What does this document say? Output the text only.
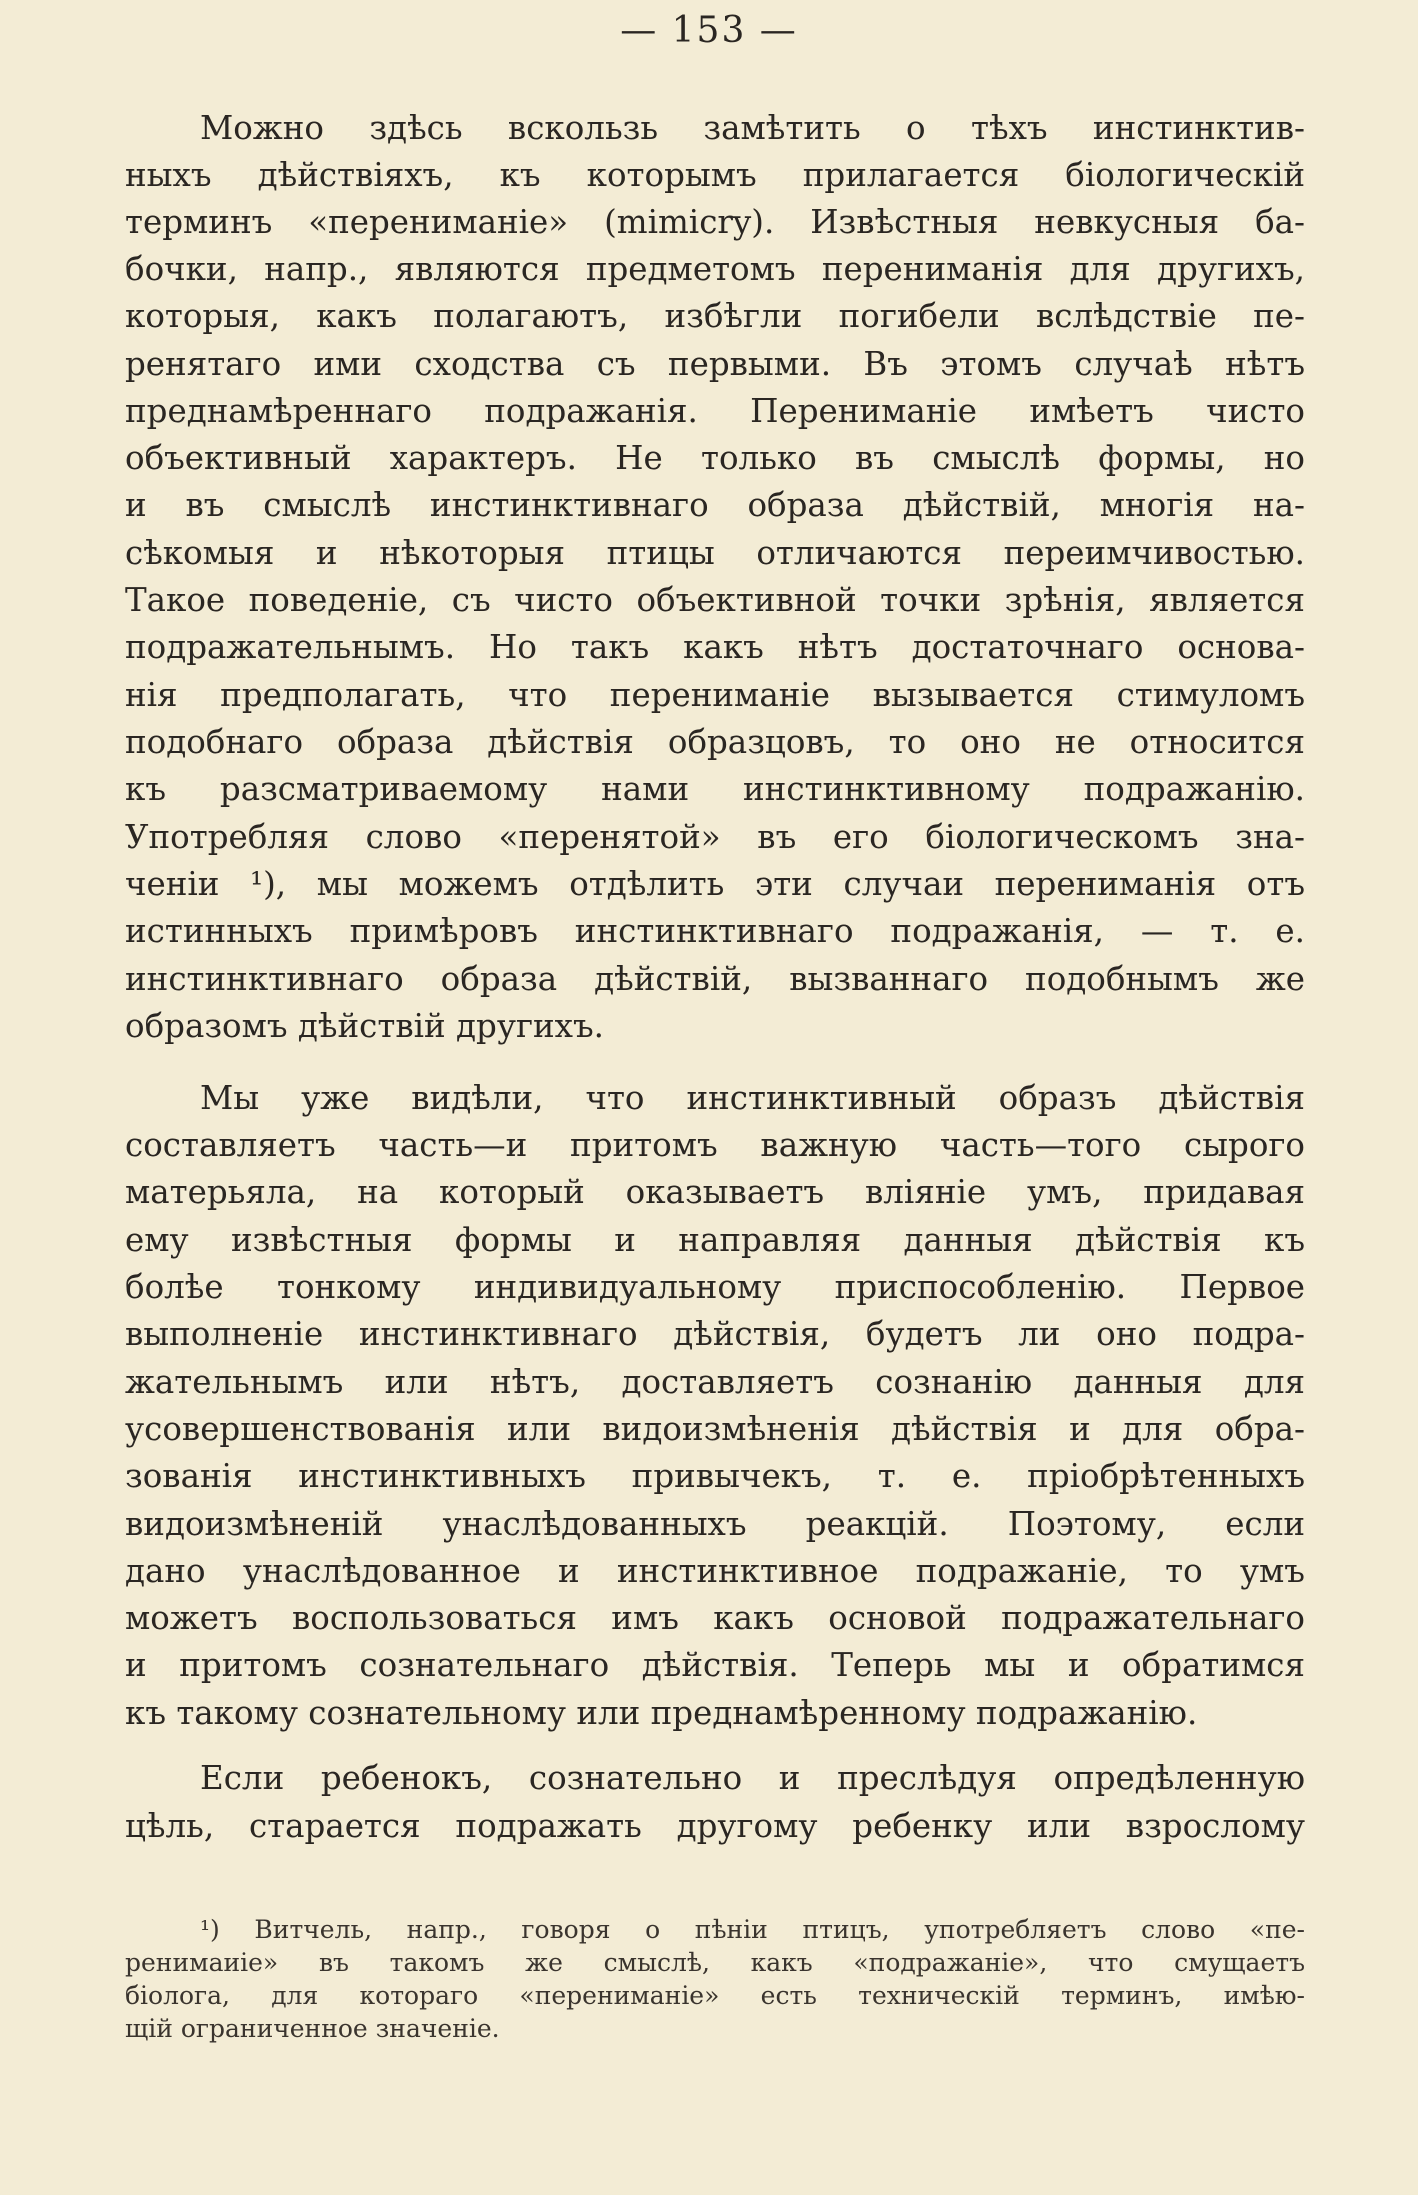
— 153 —
Можно здѣсь вскользь замѣтить о тѣхъ инстинктив-
ныхъ дѣйствіяхъ, къ которымъ прилагается біологическій
терминъ «перениманіе» (mimicry). Извѣстныя невкусныя ба-
бочки, напр., являются предметомъ перениманія для другихъ,
которыя, какъ полагаютъ, избѣгли погибели вслѣдствіе пе-
ренятаго ими сходства съ первыми. Въ этомъ случаѣ нѣтъ
преднамѣреннаго подражанія. Перениманіе имѣетъ чисто
объективный характеръ. Не только въ смыслѣ формы, но
и въ смыслѣ инстинктивнаго образа дѣйствій, многія на-
сѣкомыя и нѣкоторыя птицы отличаются переимчивостью.
Такое поведеніе, съ чисто объективной точки зрѣнія, является
подражательнымъ. Но такъ какъ нѣтъ достаточнаго основа-
нія предполагать, что перениманіе вызывается стимуломъ
подобнаго образа дѣйствія образцовъ, то оно не относится
къ разсматриваемому нами инстинктивному подражанію.
Употребляя слово «перенятой» въ его біологическомъ зна-
ченіи ¹), мы можемъ отдѣлить эти случаи перениманія отъ
истинныхъ примѣровъ инстинктивнаго подражанія, — т. е.
инстинктивнаго образа дѣйствій, вызваннаго подобнымъ же
образомъ дѣйствій другихъ.
Мы уже видѣли, что инстинктивный образъ дѣйствія
составляетъ часть—и притомъ важную часть—того сырого
матерьяла, на который оказываетъ вліяніе умъ, придавая
ему извѣстныя формы и направляя данныя дѣйствія къ
болѣе тонкому индивидуальному приспособленію. Первое
выполненіе инстинктивнаго дѣйствія, будетъ ли оно подра-
жательнымъ или нѣтъ, доставляетъ сознанію данныя для
усовершенствованія или видоизмѣненія дѣйствія и для обра-
зованія инстинктивныхъ привычекъ, т. е. пріобрѣтенныхъ
видоизмѣненій унаслѣдованныхъ реакцій. Поэтому, если
дано унаслѣдованное и инстинктивное подражаніе, то умъ
можетъ воспользоваться имъ какъ основой подражательнаго
и притомъ сознательнаго дѣйствія. Теперь мы и обратимся
къ такому сознательному или преднамѣренному подражанію.
Если ребенокъ, сознательно и преслѣдуя опредѣленную
цѣль, старается подражать другому ребенку или взрослому
¹) Витчель, напр., говоря о пѣніи птицъ, употребляетъ слово «пе-
ренимаиіе» въ такомъ же смыслѣ, какъ «подражаніе», что смущаетъ
біолога, для котораго «перениманіе» есть техническій терминъ, имѣю-
щій ограниченное значеніе.
